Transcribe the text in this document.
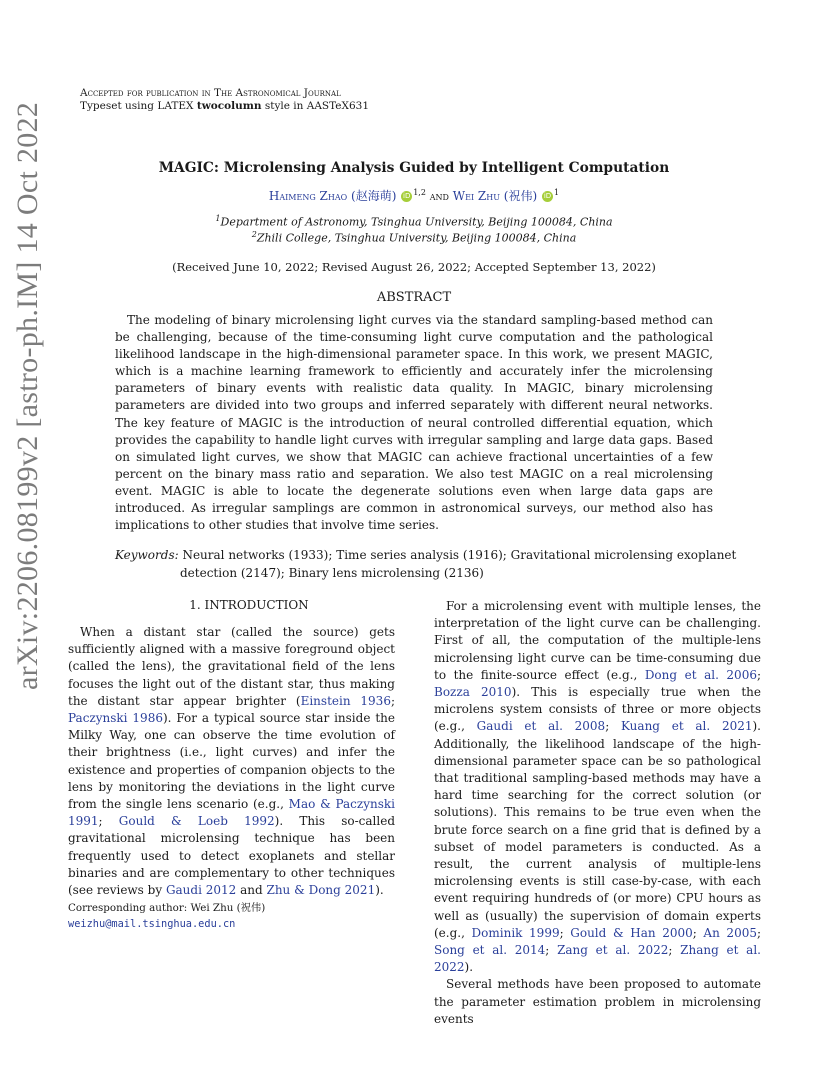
arXiv:2206.08199v2 [astro-ph.IM] 14 Oct 2022
Accepted for publication in The Astronomical Journal
Typeset using LATEX twocolumn style in AASTeX631
MAGIC: Microlensing Analysis Guided by Intelligent Computation
Haimeng Zhao (赵海萌) iD $^{1,2}$ and Wei Zhu (祝伟) iD $^1$
$^1$Department of Astronomy, Tsinghua University, Beijing 100084, China
$^2$Zhili College, Tsinghua University, Beijing 100084, China
(Received June 10, 2022; Revised August 26, 2022; Accepted September 13, 2022)
ABSTRACT

The modeling of binary microlensing light curves via the standard sampling-based method can be challenging, because of the time-consuming light curve computation and the pathological likelihood landscape in the high-dimensional parameter space. In this work, we present MAGIC, which is a machine learning framework to efficiently and accurately infer the microlensing parameters of binary events with realistic data quality. In MAGIC, binary microlensing parameters are divided into two groups and inferred separately with different neural networks. The key feature of MAGIC is the introduction of neural controlled differential equation, which provides the capability to handle light curves with irregular sampling and large data gaps. Based on simulated light curves, we show that MAGIC can achieve fractional uncertainties of a few percent on the binary mass ratio and separation. We also test MAGIC on a real microlensing event. MAGIC is able to locate the degenerate solutions even when large data gaps are introduced. As irregular samplings are common in astronomical surveys, our method also has implications to other studies that involve time series.

Keywords: Neural networks (1933); Time series analysis (1916); Gravitational microlensing exoplanet detection (2147); Binary lens microlensing (2136)
1. INTRODUCTION

When a distant star (called the source) gets sufficiently aligned with a massive foreground object (called the lens), the gravitational field of the lens focuses the light out of the distant star, thus making the distant star appear brighter (Einstein 1936; Paczynski 1986). For a typical source star inside the Milky Way, one can observe the time evolution of their brightness (i.e., light curves) and infer the existence and properties of companion objects to the lens by monitoring the deviations in the light curve from the single lens scenario (e.g., Mao & Paczynski 1991; Gould & Loeb 1992). This so-called gravitational microlensing technique has been frequently used to detect exoplanets and stellar binaries and are complementary to other techniques (see reviews by Gaudi 2012 and Zhu & Dong 2021).

Corresponding author: Wei Zhu (祝伟)
weizhu@mail.tsinghua.edu.cn

For a microlensing event with multiple lenses, the interpretation of the light curve can be challenging. First of all, the computation of the multiple-lens microlensing light curve can be time-consuming due to the finite-source effect (e.g., Dong et al. 2006; Bozza 2010). This is especially true when the microlens system consists of three or more objects (e.g., Gaudi et al. 2008; Kuang et al. 2021). Additionally, the likelihood landscape of the high-dimensional parameter space can be so pathological that traditional sampling-based methods may have a hard time searching for the correct solution (or solutions). This remains to be true even when the brute force search on a fine grid that is defined by a subset of model parameters is conducted. As a result, the current analysis of multiple-lens microlensing events is still case-by-case, with each event requiring hundreds of (or more) CPU hours as well as (usually) the supervision of domain experts (e.g., Dominik 1999; Gould & Han 2000; An 2005; Song et al. 2014; Zang et al. 2022; Zhang et al. 2022).

Several methods have been proposed to automate the parameter estimation problem in microlensing events
